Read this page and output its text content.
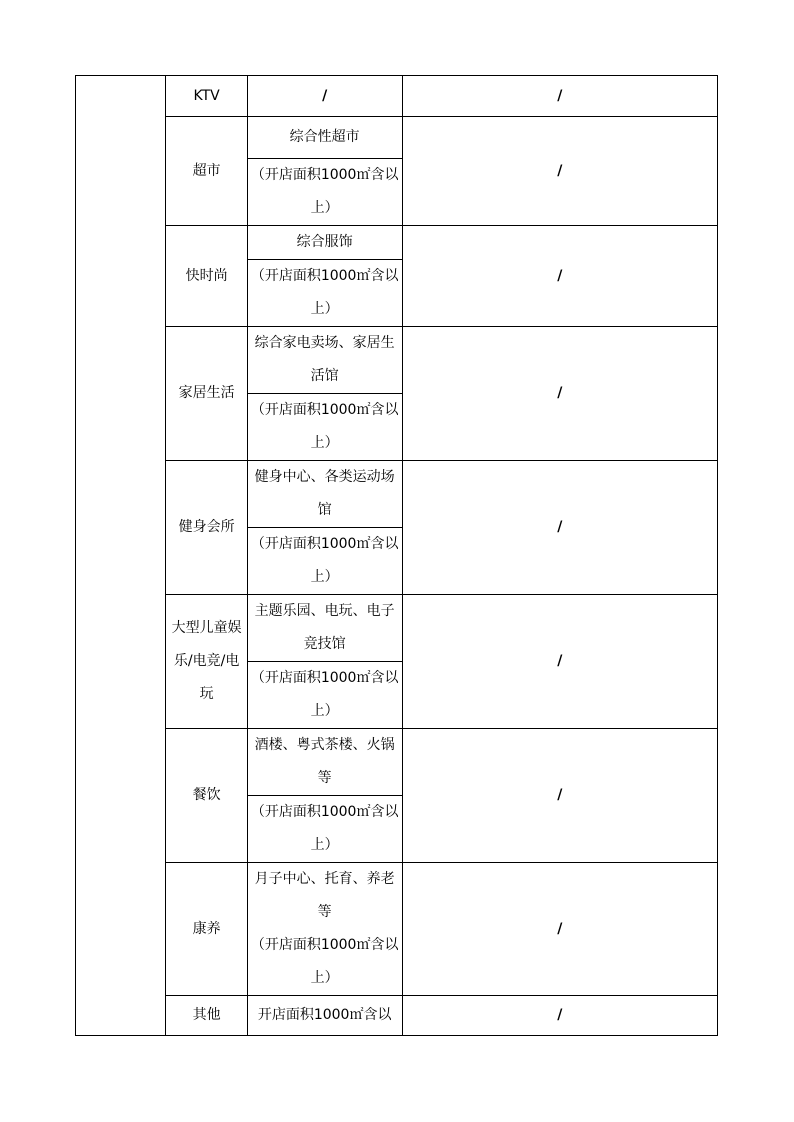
	KTV	/	/
	超市	综合性超市	/
		（开店面积1000㎡含以上）	
	快时尚	综合服饰	/
		（开店面积1000㎡含以上）	
	家居生活	综合家电卖场、家居生活馆	/
		（开店面积1000㎡含以上）	
	健身会所	健身中心、各类运动场馆	/
		（开店面积1000㎡含以上）	
	大型儿童娱乐/电竞/电玩	主题乐园、电玩、电子竞技馆	/
		（开店面积1000㎡含以上）	
	餐饮	酒楼、粤式茶楼、火锅等	/
		（开店面积1000㎡含以上）	
	康养	月子中心、托育、养老等	/
		（开店面积1000㎡含以上）	
	其他	开店面积1000㎡含以	/
